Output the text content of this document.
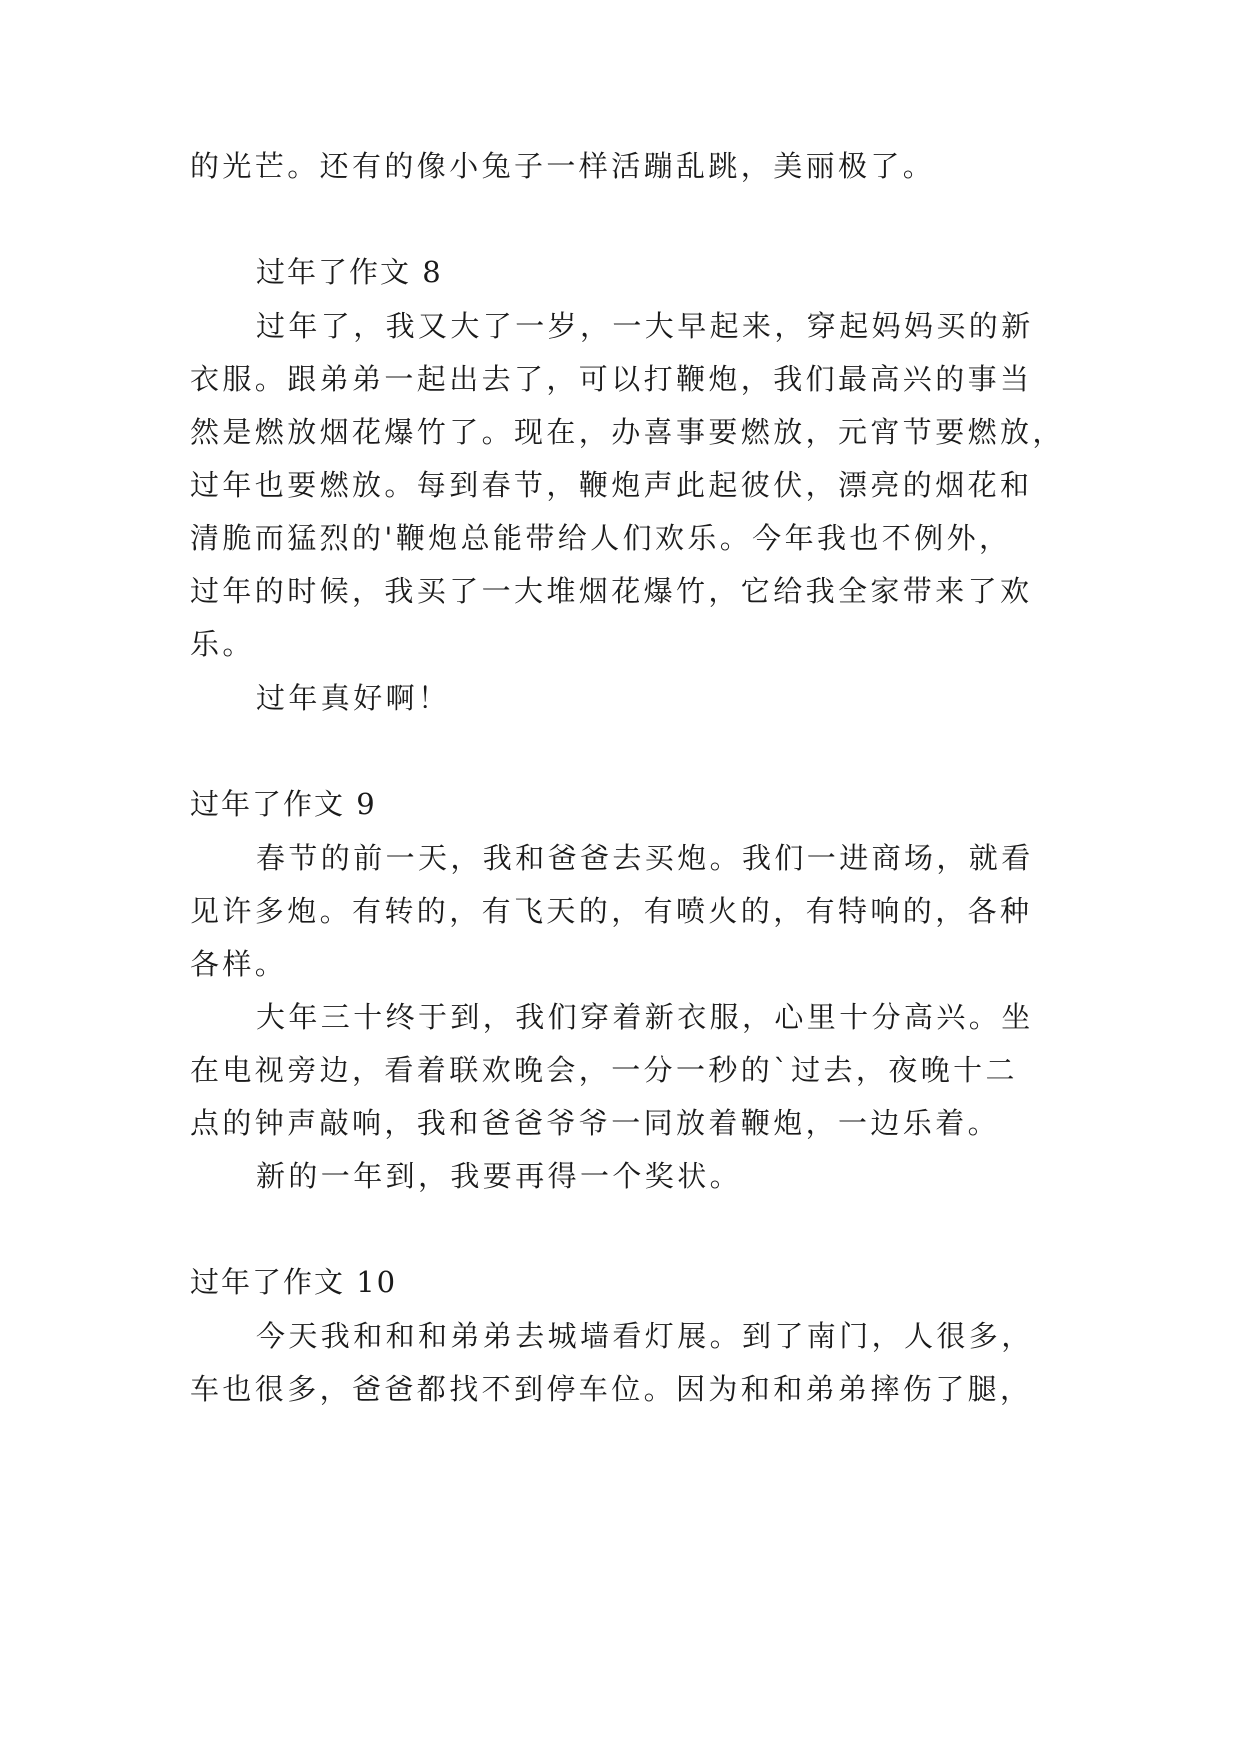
的光芒。还有的像小兔子一样活蹦乱跳，美丽极了。
过年了作文 8
过年了，我又大了一岁，一大早起来，穿起妈妈买的新
衣服。跟弟弟一起出去了，可以打鞭炮，我们最高兴的事当
然是燃放烟花爆竹了。现在，办喜事要燃放，元宵节要燃放，
过年也要燃放。每到春节，鞭炮声此起彼伏，漂亮的烟花和
清脆而猛烈的'鞭炮总能带给人们欢乐。今年我也不例外，
过年的时候，我买了一大堆烟花爆竹，它给我全家带来了欢
乐。
过年真好啊！
过年了作文 9
春节的前一天，我和爸爸去买炮。我们一进商场，就看
见许多炮。有转的，有飞天的，有喷火的，有特响的，各种
各样。
大年三十终于到，我们穿着新衣服，心里十分高兴。坐
在电视旁边，看着联欢晚会，一分一秒的`过去，夜晚十二
点的钟声敲响，我和爸爸爷爷一同放着鞭炮，一边乐着。
新的一年到，我要再得一个奖状。
过年了作文 10
今天我和和和弟弟去城墙看灯展。到了南门，人很多，
车也很多，爸爸都找不到停车位。因为和和弟弟摔伤了腿，
